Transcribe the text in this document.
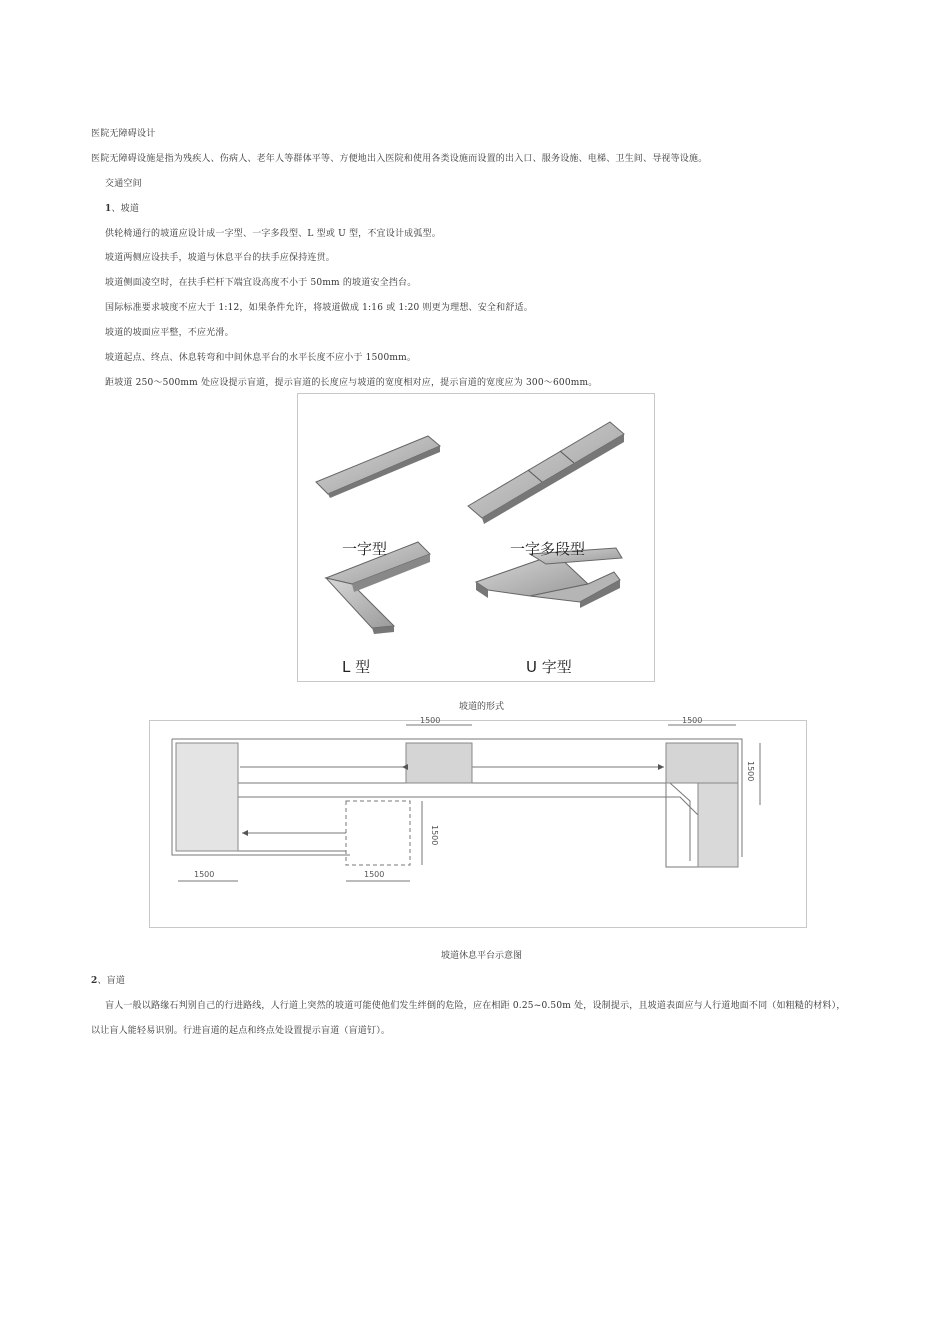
医院无障碍设计
医院无障碍设施是指为残疾人、伤病人、老年人等群体平等、方便地出入医院和使用各类设施而设置的出入口、服务设施、电梯、卫生间、导视等设施。
交通空间
1、坡道
供轮椅通行的坡道应设计成一字型、一字多段型、L 型或 U 型，不宜设计成弧型。
坡道两侧应设扶手，坡道与休息平台的扶手应保持连贯。
坡道侧面凌空时，在扶手栏杆下端宜设高度不小于 50mm 的坡道安全挡台。
国际标准要求坡度不应大于 1:12，如果条件允许，将坡道做成 1:16 或 1:20 则更为理想、安全和舒适。
坡道的坡面应平整，不应光滑。
坡道起点、终点、休息转弯和中间休息平台的水平长度不应小于 1500mm。
距坡道 250～500mm 处应设提示盲道，提示盲道的长度应与坡道的宽度相对应，提示盲道的宽度应为 300～600mm。
一字型	一字多段型
L 型	U 字型
坡道的形式
1500	1500
1500	1500
1500
1500
坡道休息平台示意图
2、盲道
盲人一般以路缘石判别自己的行进路线，人行道上突然的坡道可能使他们发生绊倒的危险，应在相距 0.25~0.50m 处，设制提示，且坡道表面应与人行道地面不同（如粗糙的材料），
以让盲人能轻易识别。行进盲道的起点和终点处设置提示盲道（盲道钉）。
